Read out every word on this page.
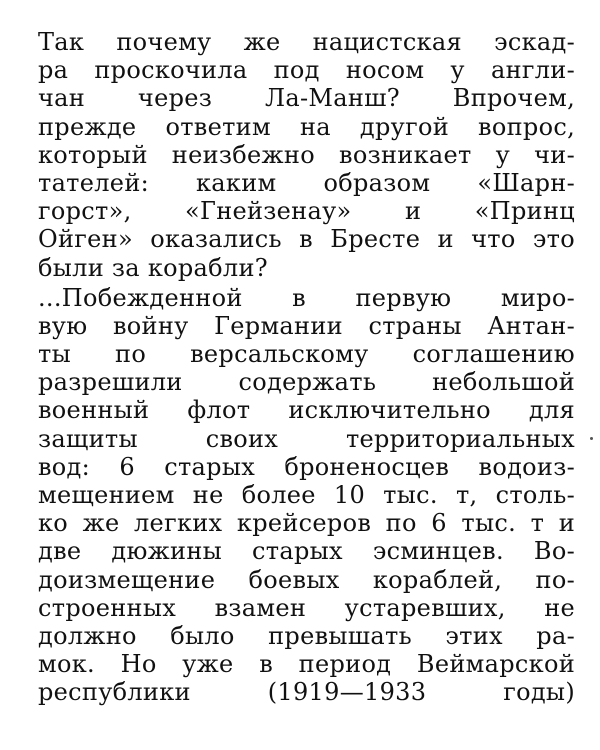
Так почему же нацистская эскад-
ра проскочила под носом у англи-
чан через Ла-Манш? Впрочем,
прежде ответим на другой вопрос,
который неизбежно возникает у чи-
тателей: каким образом «Шарн-
горст», «Гнейзенау» и «Принц
Ойген» оказались в Бресте и что это
были за корабли?
...Побежденной в первую миро-
вую войну Германии страны Антан-
ты по версальскому соглашению
разрешили содержать небольшой
военный флот исключительно для
защиты своих территориальных
вод: 6 старых броненосцев водоиз-
мещением не более 10 тыс. т, столь-
ко же легких крейсеров по 6 тыс. т и
две дюжины старых эсминцев. Во-
доизмещение боевых кораблей, по-
строенных взамен устаревших, не
должно было превышать этих ра-
мок. Но уже в период Веймарской
республики (1919—1933 годы)
